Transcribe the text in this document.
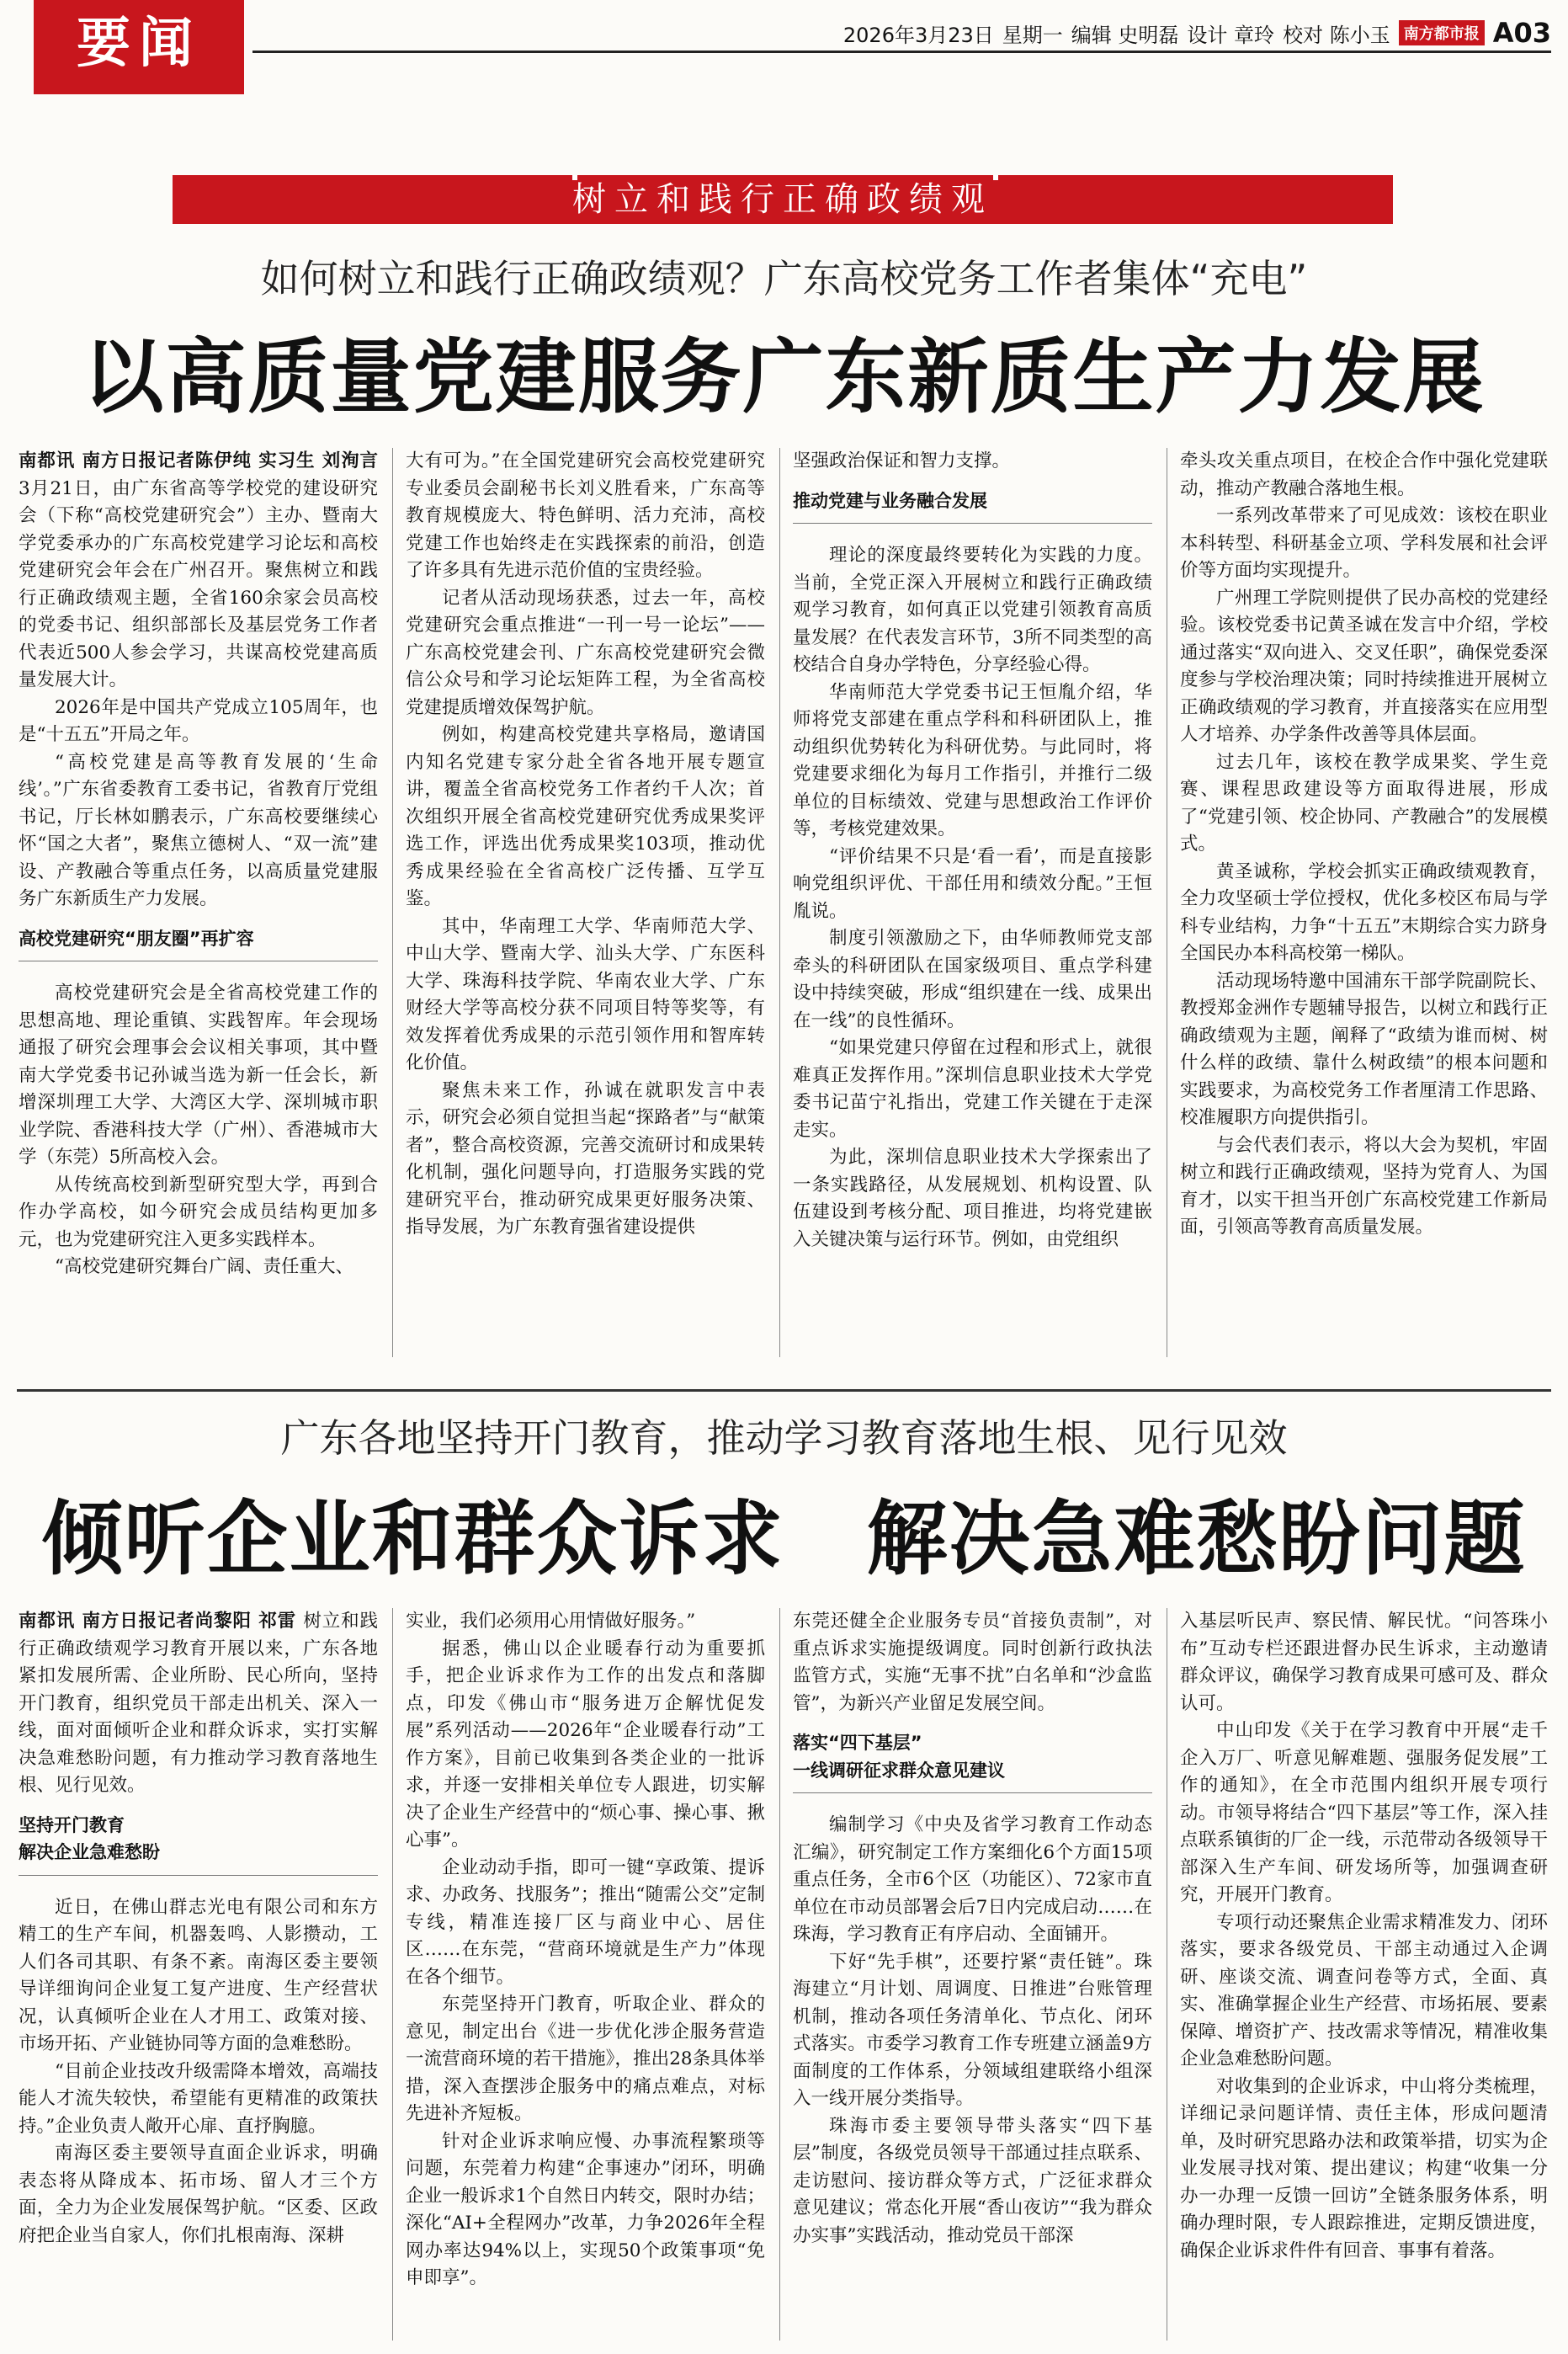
要闻	2026年3月23日 星期一 编辑 史明磊 设计 章玲 校对 陈小玉 南方都市报 A03
树立和践行正确政绩观
如何树立和践行正确政绩观？广东高校党务工作者集体“充电”
以高质量党建服务广东新质生产力发展

南都讯 南方日报记者陈伊纯 实习生 刘洵言 3月21日，由广东省高等学校党的建设研究会（下称“高校党建研究会”）主办、暨南大学党委承办的广东高校党建学习论坛和高校党建研究会年会在广州召开。聚焦树立和践行正确政绩观主题，全省160余家会员高校的党委书记、组织部部长及基层党务工作者代表近500人参会学习，共谋高校党建高质量发展大计。

2026年是中国共产党成立105周年，也是“十五五”开局之年。

“高校党建是高等教育发展的‘生命线’。”广东省委教育工委书记，省教育厅党组书记，厅长林如鹏表示，广东高校要继续心怀“国之大者”，聚焦立德树人、“双一流”建设、产教融合等重点任务，以高质量党建服务广东新质生产力发展。

高校党建研究“朋友圈”再扩容

高校党建研究会是全省高校党建工作的思想高地、理论重镇、实践智库。年会现场通报了研究会理事会会议相关事项，其中暨南大学党委书记孙诚当选为新一任会长，新增深圳理工大学、大湾区大学、深圳城市职业学院、香港科技大学（广州）、香港城市大学（东莞）5所高校入会。

从传统高校到新型研究型大学，再到合作办学高校，如今研究会成员结构更加多元，也为党建研究注入更多实践样本。

“高校党建研究舞台广阔、责任重大、

大有可为。”在全国党建研究会高校党建研究专业委员会副秘书长刘义胜看来，广东高等教育规模庞大、特色鲜明、活力充沛，高校党建工作也始终走在实践探索的前沿，创造了许多具有先进示范价值的宝贵经验。

记者从活动现场获悉，过去一年，高校党建研究会重点推进“一刊一号一论坛”——广东高校党建会刊、广东高校党建研究会微信公众号和学习论坛矩阵工程，为全省高校党建提质增效保驾护航。

例如，构建高校党建共享格局，邀请国内知名党建专家分赴全省各地开展专题宣讲，覆盖全省高校党务工作者约千人次；首次组织开展全省高校党建研究优秀成果奖评选工作，评选出优秀成果奖103项，推动优秀成果经验在全省高校广泛传播、互学互鉴。

其中，华南理工大学、华南师范大学、中山大学、暨南大学、汕头大学、广东医科大学、珠海科技学院、华南农业大学、广东财经大学等高校分获不同项目特等奖等，有效发挥着优秀成果的示范引领作用和智库转化价值。

聚焦未来工作，孙诚在就职发言中表示，研究会必须自觉担当起“探路者”与“献策者”，整合高校资源，完善交流研讨和成果转化机制，强化问题导向，打造服务实践的党建研究平台，推动研究成果更好服务决策、指导发展，为广东教育强省建设提供

坚强政治保证和智力支撑。

推动党建与业务融合发展

理论的深度最终要转化为实践的力度。当前，全党正深入开展树立和践行正确政绩观学习教育，如何真正以党建引领教育高质量发展？在代表发言环节，3所不同类型的高校结合自身办学特色，分享经验心得。

华南师范大学党委书记王恒胤介绍，华师将党支部建在重点学科和科研团队上，推动组织优势转化为科研优势。与此同时，将党建要求细化为每月工作指引，并推行二级单位的目标绩效、党建与思想政治工作评价等，考核党建效果。

“评价结果不只是‘看一看’，而是直接影响党组织评优、干部任用和绩效分配。”王恒胤说。

制度引领激励之下，由华师教师党支部牵头的科研团队在国家级项目、重点学科建设中持续突破，形成“组织建在一线、成果出在一线”的良性循环。

“如果党建只停留在过程和形式上，就很难真正发挥作用。”深圳信息职业技术大学党委书记苗宁礼指出，党建工作关键在于走深走实。

为此，深圳信息职业技术大学探索出了一条实践路径，从发展规划、机构设置、队伍建设到考核分配、项目推进，均将党建嵌入关键决策与运行环节。例如，由党组织

牵头攻关重点项目，在校企合作中强化党建联动，推动产教融合落地生根。

一系列改革带来了可见成效：该校在职业本科转型、科研基金立项、学科发展和社会评价等方面均实现提升。

广州理工学院则提供了民办高校的党建经验。该校党委书记黄圣诚在发言中介绍，学校通过落实“双向进入、交叉任职”，确保党委深度参与学校治理决策；同时持续推进开展树立正确政绩观的学习教育，并直接落实在应用型人才培养、办学条件改善等具体层面。

过去几年，该校在教学成果奖、学生竞赛、课程思政建设等方面取得进展，形成了“党建引领、校企协同、产教融合”的发展模式。

黄圣诚称，学校会抓实正确政绩观教育，全力攻坚硕士学位授权，优化多校区布局与学科专业结构，力争“十五五”末期综合实力跻身全国民办本科高校第一梯队。

活动现场特邀中国浦东干部学院副院长、教授郑金洲作专题辅导报告，以树立和践行正确政绩观为主题，阐释了“政绩为谁而树、树什么样的政绩、靠什么树政绩”的根本问题和实践要求，为高校党务工作者厘清工作思路、校准履职方向提供指引。

与会代表们表示，将以大会为契机，牢固树立和践行正确政绩观，坚持为党育人、为国育才，以实干担当开创广东高校党建工作新局面，引领高等教育高质量发展。

广东各地坚持开门教育，推动学习教育落地生根、见行见效
倾听企业和群众诉求　解决急难愁盼问题

南都讯 南方日报记者尚黎阳 祁雷 树立和践行正确政绩观学习教育开展以来，广东各地紧扣发展所需、企业所盼、民心所向，坚持开门教育，组织党员干部走出机关、深入一线，面对面倾听企业和群众诉求，实打实解决急难愁盼问题，有力推动学习教育落地生根、见行见效。

坚持开门教育
解决企业急难愁盼

近日，在佛山群志光电有限公司和东方精工的生产车间，机器轰鸣、人影攒动，工人们各司其职、有条不紊。南海区委主要领导详细询问企业复工复产进度、生产经营状况，认真倾听企业在人才用工、政策对接、市场开拓、产业链协同等方面的急难愁盼。

“目前企业技改升级需降本增效，高端技能人才流失较快，希望能有更精准的政策扶持。”企业负责人敞开心扉、直抒胸臆。

南海区委主要领导直面企业诉求，明确表态将从降成本、拓市场、留人才三个方面，全力为企业发展保驾护航。“区委、区政府把企业当自家人，你们扎根南海、深耕

实业，我们必须用心用情做好服务。”

据悉，佛山以企业暖春行动为重要抓手，把企业诉求作为工作的出发点和落脚点，印发《佛山市“服务进万企解忧促发展”系列活动——2026年“企业暖春行动”工作方案》，目前已收集到各类企业的一批诉求，并逐一安排相关单位专人跟进，切实解决了企业生产经营中的“烦心事、操心事、揪心事”。

企业动动手指，即可一键“享政策、提诉求、办政务、找服务”；推出“随需公交”定制专线，精准连接厂区与商业中心、居住区……在东莞，“营商环境就是生产力”体现在各个细节。

东莞坚持开门教育，听取企业、群众的意见，制定出台《进一步优化涉企服务营造一流营商环境的若干措施》，推出28条具体举措，深入查摆涉企服务中的痛点难点，对标先进补齐短板。

针对企业诉求响应慢、办事流程繁琐等问题，东莞着力构建“企事速办”闭环，明确企业一般诉求1个自然日内转交，限时办结；深化“AI+全程网办”改革，力争2026年全程网办率达94%以上，实现50个政策事项“免申即享”。

东莞还健全企业服务专员“首接负责制”，对重点诉求实施提级调度。同时创新行政执法监管方式，实施“无事不扰”白名单和“沙盒监管”，为新兴产业留足发展空间。

落实“四下基层”
一线调研征求群众意见建议

编制学习《中央及省学习教育工作动态汇编》，研究制定工作方案细化6个方面15项重点任务，全市6个区（功能区）、72家市直单位在市动员部署会后7日内完成启动……在珠海，学习教育正有序启动、全面铺开。

下好“先手棋”，还要拧紧“责任链”。珠海建立“月计划、周调度、日推进”台账管理机制，推动各项任务清单化、节点化、闭环式落实。市委学习教育工作专班建立涵盖9方面制度的工作体系，分领域组建联络小组深入一线开展分类指导。

珠海市委主要领导带头落实“四下基层”制度，各级党员领导干部通过挂点联系、走访慰问、接访群众等方式，广泛征求群众意见建议；常态化开展“香山夜访”“我为群众办实事”实践活动，推动党员干部深

入基层听民声、察民情、解民忧。“问答珠小布”互动专栏还跟进督办民生诉求，主动邀请群众评议，确保学习教育成果可感可及、群众认可。

中山印发《关于在学习教育中开展“走千企入万厂、听意见解难题、强服务促发展”工作的通知》，在全市范围内组织开展专项行动。市领导将结合“四下基层”等工作，深入挂点联系镇街的厂企一线，示范带动各级领导干部深入生产车间、研发场所等，加强调查研究，开展开门教育。

专项行动还聚焦企业需求精准发力、闭环落实，要求各级党员、干部主动通过入企调研、座谈交流、调查问卷等方式，全面、真实、准确掌握企业生产经营、市场拓展、要素保障、增资扩产、技改需求等情况，精准收集企业急难愁盼问题。

对收集到的企业诉求，中山将分类梳理，详细记录问题详情、责任主体，形成问题清单，及时研究思路办法和政策举措，切实为企业发展寻找对策、提出建议；构建“收集一分办一办理一反馈一回访”全链条服务体系，明确办理时限，专人跟踪推进，定期反馈进度，确保企业诉求件件有回音、事事有着落。
